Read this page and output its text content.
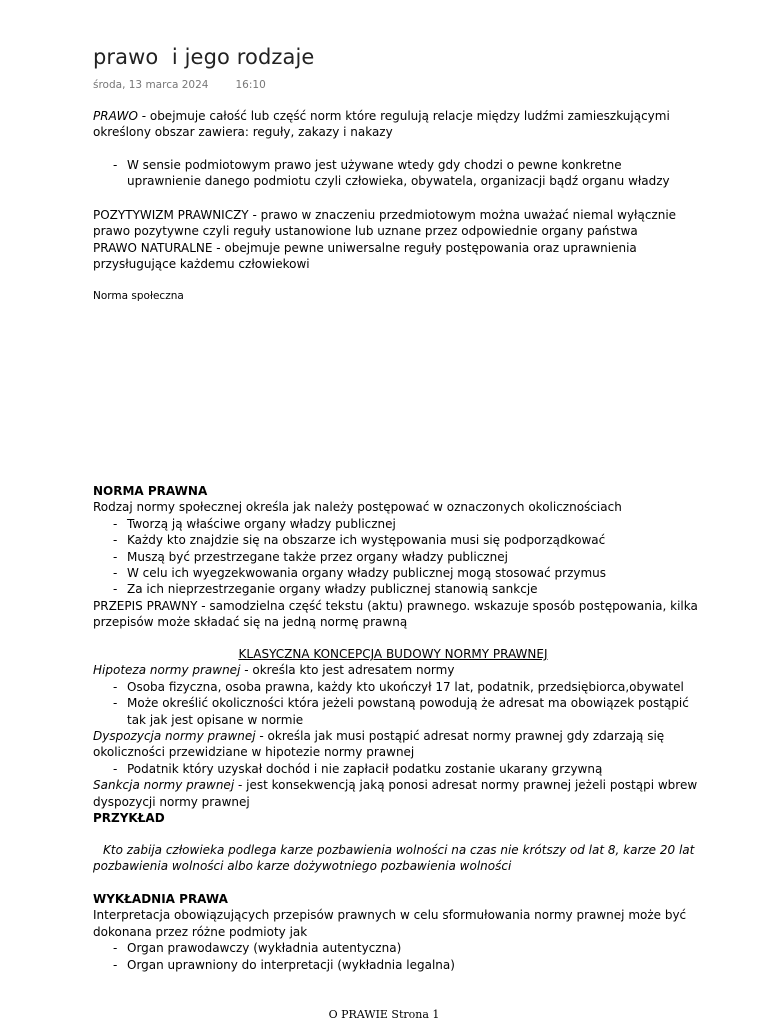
prawo  i jego rodzaje
środa, 13 marca 2024	16:10
PRAWO - obejmuje całość lub część norm które regulują relacje między ludźmi zamieszkującymi
określony obszar zawiera: reguły, zakazy i nakazy
- W sensie podmiotowym prawo jest używane wtedy gdy chodzi o pewne konkretne
uprawnienie danego podmiotu czyli człowieka, obywatela, organizacji bądź organu władzy
POZYTYWIZM PRAWNICZY - prawo w znaczeniu przedmiotowym można uważać niemal wyłącznie
prawo pozytywne czyli reguły ustanowione lub uznane przez odpowiednie organy państwa
PRAWO NATURALNE - obejmuje pewne uniwersalne reguły postępowania oraz uprawnienia
przysługujące każdemu człowiekowi
Norma społeczna
NORMA PRAWNA
Rodzaj normy społecznej określa jak należy postępować w oznaczonych okolicznościach
- Tworzą ją właściwe organy władzy publicznej
- Każdy kto znajdzie się na obszarze ich występowania musi się podporządkować
- Muszą być przestrzegane także przez organy władzy publicznej
- W celu ich wyegzekwowania organy władzy publicznej mogą stosować przymus
- Za ich nieprzestrzeganie organy władzy publicznej stanowią sankcje
PRZEPIS PRAWNY - samodzielna część tekstu (aktu) prawnego. wskazuje sposób postępowania, kilka
przepisów może składać się na jedną normę prawną
KLASYCZNA KONCEPCJA BUDOWY NORMY PRAWNEJ
Hipoteza normy prawnej - określa kto jest adresatem normy
- Osoba fizyczna, osoba prawna, każdy kto ukończył 17 lat, podatnik, przedsiębiorca,obywatel
- Może określić okoliczności która jeżeli powstaną powodują że adresat ma obowiązek postąpić
tak jak jest opisane w normie
Dyspozycja normy prawnej - określa jak musi postąpić adresat normy prawnej gdy zdarzają się
okoliczności przewidziane w hipotezie normy prawnej
- Podatnik który uzyskał dochód i nie zapłacił podatku zostanie ukarany grzywną
Sankcja normy prawnej - jest konsekwencją jaką ponosi adresat normy prawnej jeżeli postąpi wbrew
dyspozycji normy prawnej
PRZYKŁAD
Kto zabija człowieka podlega karze pozbawienia wolności na czas nie krótszy od lat 8, karze 20 lat
pozbawienia wolności albo karze dożywotniego pozbawienia wolności
WYKŁADNIA PRAWA
Interpretacja obowiązujących przepisów prawnych w celu sformułowania normy prawnej może być
dokonana przez różne podmioty jak
- Organ prawodawczy (wykładnia autentyczna)
- Organ uprawniony do interpretacji (wykładnia legalna)
O PRAWIE Strona 1
